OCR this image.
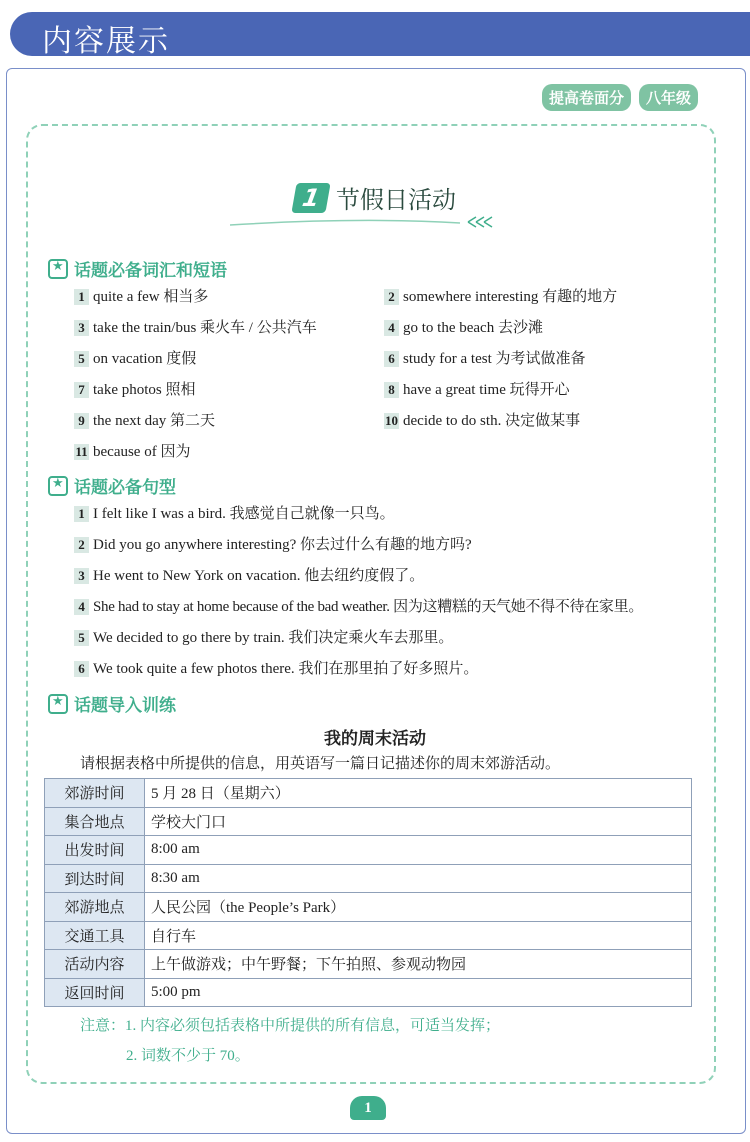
内容展示
提高卷面分	八年级
1 节假日活动
★
话题必备词汇和短语
1 quite a few 相当多	2 somewhere interesting 有趣的地方
3 take the train/bus 乘火车 / 公共汽车	4 go to the beach 去沙滩
5 on vacation 度假	6 study for a test 为考试做准备
7 take photos 照相	8 have a great time 玩得开心
9 the next day 第二天	10 decide to do sth. 决定做某事
11 because of 因为
★
话题必备句型
1 I felt like I was a bird. 我感觉自己就像一只鸟。
2 Did you go anywhere interesting? 你去过什么有趣的地方吗?
3 He went to New York on vacation. 他去纽约度假了。
4 She had to stay at home because of the bad weather. 因为这糟糕的天气她不得不待在家里。
5 We decided to go there by train. 我们决定乘火车去那里。
6 We took quite a few photos there. 我们在那里拍了好多照片。
★
话题导入训练
我的周末活动
请根据表格中所提供的信息，用英语写一篇日记描述你的周末郊游活动。
郊游时间	5 月 28 日（星期六）
集合地点	学校大门口
出发时间	8:00 am
到达时间	8:30 am
郊游地点	人民公园（the People’s Park）
交通工具	自行车
活动内容	上午做游戏；中午野餐；下午拍照、参观动物园
返回时间	5:00 pm
注意：1. 内容必须包括表格中所提供的所有信息，可适当发挥；
2. 词数不少于 70。
1
